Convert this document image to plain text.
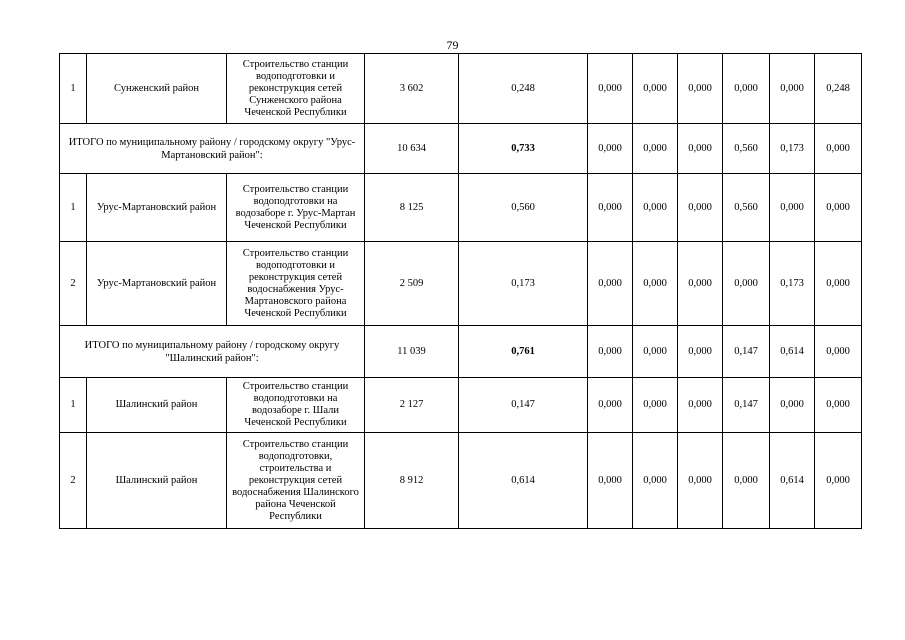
79
1	Сунженский район	Строительство станции водоподготовки и реконструкция сетей Сунженского района Чеченской Республики	3 602	0,248	0,000	0,000	0,000	0,000	0,000	0,248
ИТОГО по муниципальному району / городскому округу "Урус-Мартановский район":			10 634	0,733	0,000	0,000	0,000	0,560	0,173	0,000
1	Урус-Мартановский район	Строительство станции водоподготовки на водозаборе г. Урус-Мартан Чеченской Республики	8 125	0,560	0,000	0,000	0,000	0,560	0,000	0,000
2	Урус-Мартановский район	Строительство станции водоподготовки и реконструкция сетей водоснабжения Урус-Мартановского района Чеченской Республики	2 509	0,173	0,000	0,000	0,000	0,000	0,173	0,000
ИТОГО по муниципальному району / городскому округу "Шалинский район":			11 039	0,761	0,000	0,000	0,000	0,147	0,614	0,000
1	Шалинский район	Строительство станции водоподготовки на водозаборе г. Шали Чеченской Республики	2 127	0,147	0,000	0,000	0,000	0,147	0,000	0,000
2	Шалинский район	Строительство станции водоподготовки, строительства и реконструкция сетей водоснабжения Шалинского района Чеченской Республики	8 912	0,614	0,000	0,000	0,000	0,000	0,614	0,000
